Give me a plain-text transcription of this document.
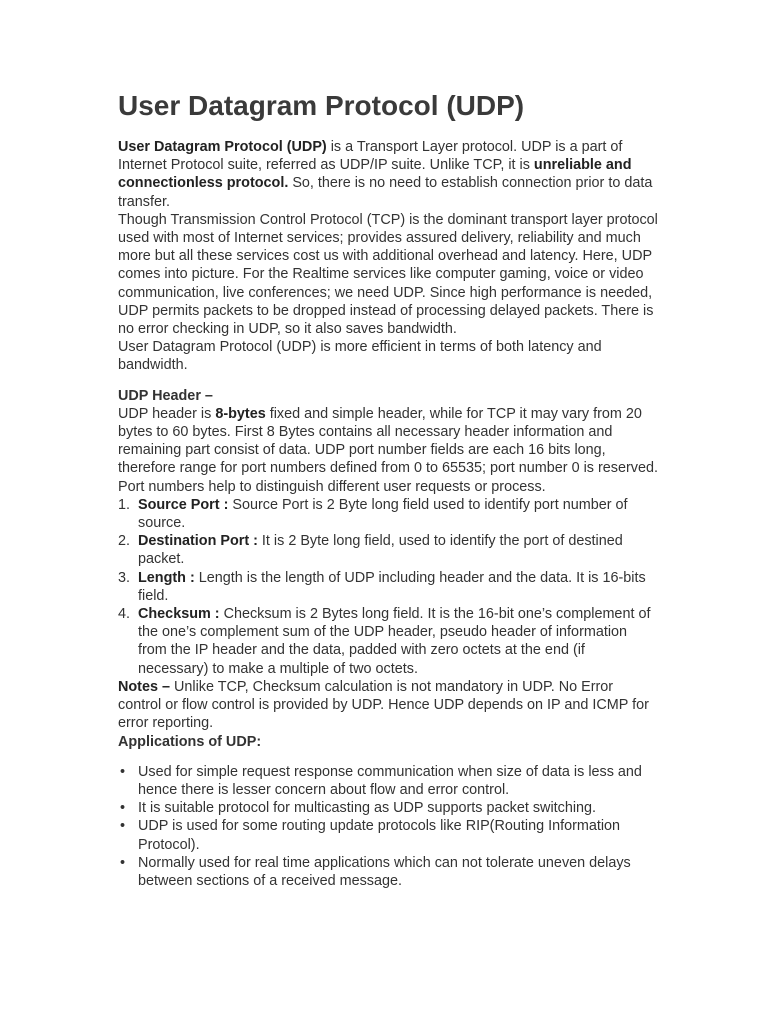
User Datagram Protocol (UDP)

User Datagram Protocol (UDP) is a Transport Layer protocol. UDP is a part of Internet Protocol suite, referred as UDP/IP suite. Unlike TCP, it is unreliable and connectionless protocol. So, there is no need to establish connection prior to data transfer.

Though Transmission Control Protocol (TCP) is the dominant transport layer protocol used with most of Internet services; provides assured delivery, reliability and much more but all these services cost us with additional overhead and latency. Here, UDP comes into picture. For the Realtime services like computer gaming, voice or video communication, live conferences; we need UDP. Since high performance is needed, UDP permits packets to be dropped instead of processing delayed packets. There is no error checking in UDP, so it also saves bandwidth.

User Datagram Protocol (UDP) is more efficient in terms of both latency and bandwidth.

UDP Header –

UDP header is 8-bytes fixed and simple header, while for TCP it may vary from 20 bytes to 60 bytes. First 8 Bytes contains all necessary header information and remaining part consist of data. UDP port number fields are each 16 bits long, therefore range for port numbers defined from 0 to 65535; port number 0 is reserved. Port numbers help to distinguish different user requests or process.

1. Source Port : Source Port is 2 Byte long field used to identify port number of source.
2. Destination Port : It is 2 Byte long field, used to identify the port of destined packet.
3. Length : Length is the length of UDP including header and the data. It is 16-bits field.
4. Checksum : Checksum is 2 Bytes long field. It is the 16-bit one’s complement of the one’s complement sum of the UDP header, pseudo header of information from the IP header and the data, padded with zero octets at the end (if necessary) to make a multiple of two octets.

Notes – Unlike TCP, Checksum calculation is not mandatory in UDP. No Error control or flow control is provided by UDP. Hence UDP depends on IP and ICMP for error reporting.

Applications of UDP:

• Used for simple request response communication when size of data is less and hence there is lesser concern about flow and error control.
• It is suitable protocol for multicasting as UDP supports packet switching.
• UDP is used for some routing update protocols like RIP(Routing Information Protocol).
• Normally used for real time applications which can not tolerate uneven delays between sections of a received message.
